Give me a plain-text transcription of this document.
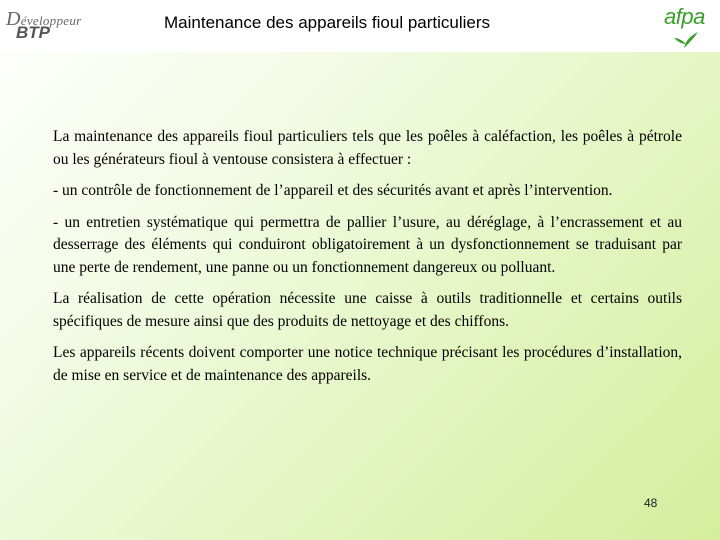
Développeur
BTP
Maintenance des appareils fioul particuliers	afpa

La maintenance des appareils fioul particuliers tels que les poêles à caléfaction, les poêles à pétrole ou les générateurs fioul à ventouse consistera à effectuer :

- un contrôle de fonctionnement de l’appareil et des sécurités avant et après l’intervention.

- un entretien systématique qui permettra de pallier l’usure, au déréglage, à l’encrassement et au desserrage des éléments qui conduiront obligatoirement à un dysfonctionnement se traduisant par une perte de rendement, une panne ou un fonctionnement dangereux ou polluant.

La réalisation de cette opération nécessite une caisse à outils traditionnelle et certains outils spécifiques de mesure ainsi que des produits de nettoyage et des chiffons.

Les appareils récents doivent comporter une notice technique précisant les procédures d’installation, de mise en service et de maintenance des appareils.

48
